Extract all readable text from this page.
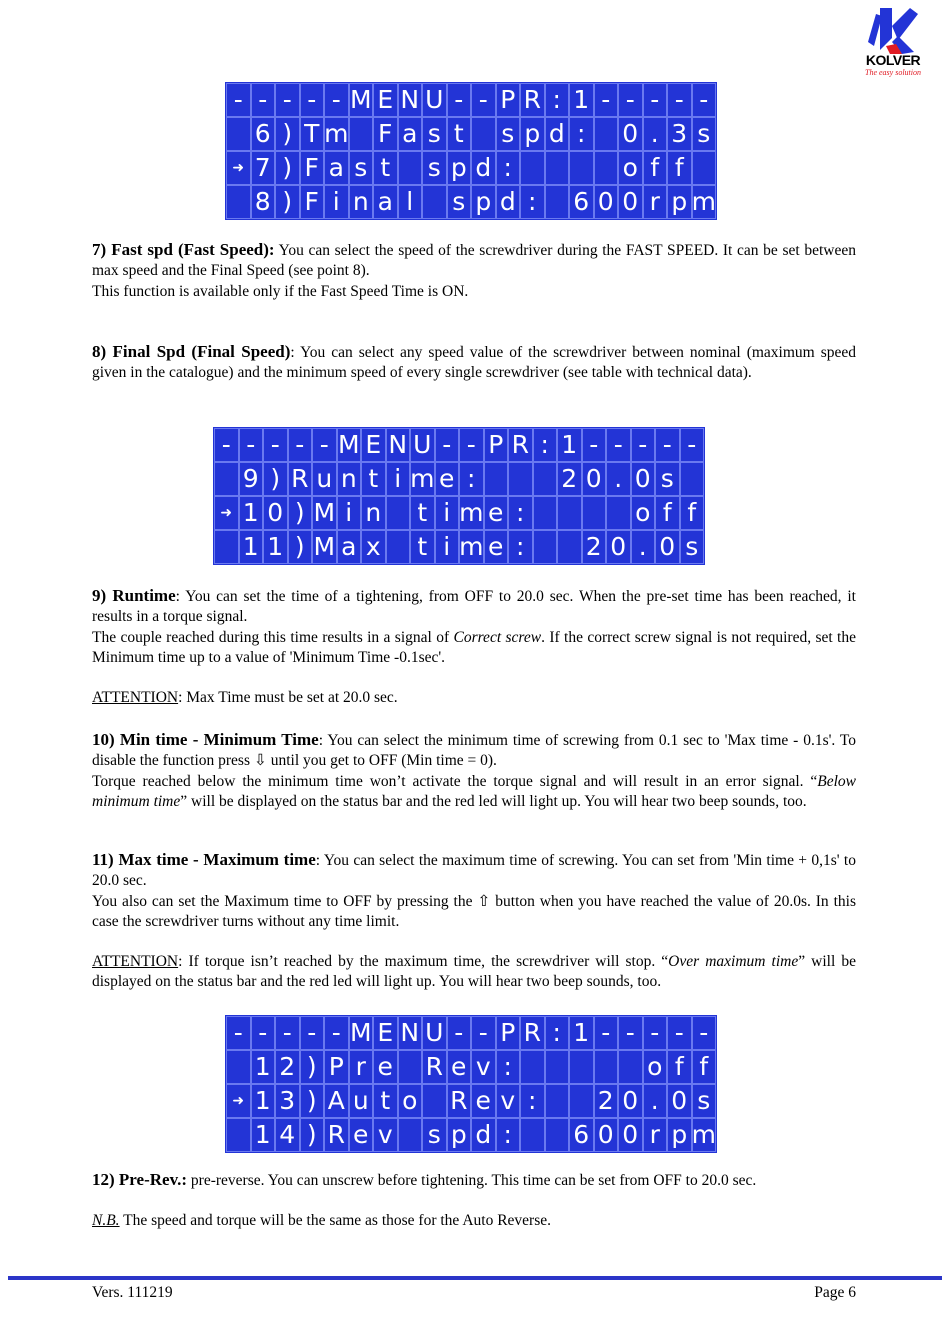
KOLVER
The easy solution
- - - - - M E N U - - P R : 1 - - - - -
6 ) T m F a s t s p d :	0 . 3 s
➜ 7 ) F a s t s p d :	o f f
8 ) F i n a l	s p d :	6 0 0 r p m
- - - - - M E N U - - P R : 1 - - - - -
9 ) R u n t i m e :	2 0 . 0 s
➜ 1 0 ) M i n t i m e :	o f f
1 1 ) M a x t i m e :	2 0 . 0 s
- - - - - M E N U - - P R : 1 - - - - -
1 2 ) P r e R e v :	o f f
➜ 1 3 ) A u t o R e v :	2 0 . 0 s
1 4 ) R e v s p d :	6 0 0 r p m

7) Fast spd (Fast Speed): You can select the speed of the screwdriver during the FAST SPEED. It can be set between max speed and the Final Speed (see point 8).

This function is available only if the Fast Speed Time is ON.

8) Final Spd (Final Speed): You can select any speed value of the screwdriver between nominal (maximum speed given in the catalogue) and the minimum speed of every single screwdriver (see table with technical data).

9) Runtime: You can set the time of a tightening, from OFF to 20.0 sec. When the pre-set time has been reached, it results in a torque signal.

The couple reached during this time results in a signal of Correct screw. If the correct screw signal is not required, set the Minimum time up to a value of 'Minimum Time -0.1sec'.

ATTENTION: Max Time must be set at 20.0 sec.

10) Min time - Minimum Time: You can select the minimum time of screwing from 0.1 sec to 'Max time - 0.1s'. To disable the function press ⇩ until you get to OFF (Min time = 0).

Torque reached below the minimum time won’t activate the torque signal and will result in an error signal. “Below minimum time” will be displayed on the status bar and the red led will light up. You will hear two beep sounds, too.

11) Max time - Maximum time: You can select the maximum time of screwing. You can set from 'Min time + 0,1s' to 20.0 sec.

You also can set the Maximum time to OFF by pressing the ⇧ button when you have reached the value of 20.0s. In this case the screwdriver turns without any time limit.

ATTENTION: If torque isn’t reached by the maximum time, the screwdriver will stop. “Over maximum time” will be displayed on the status bar and the red led will light up. You will hear two beep sounds, too.

12) Pre-Rev.: pre-reverse. You can unscrew before tightening. This time can be set from OFF to 20.0 sec.

N.B. The speed and torque will be the same as those for the Auto Reverse.

Vers. 111219	Page 6
